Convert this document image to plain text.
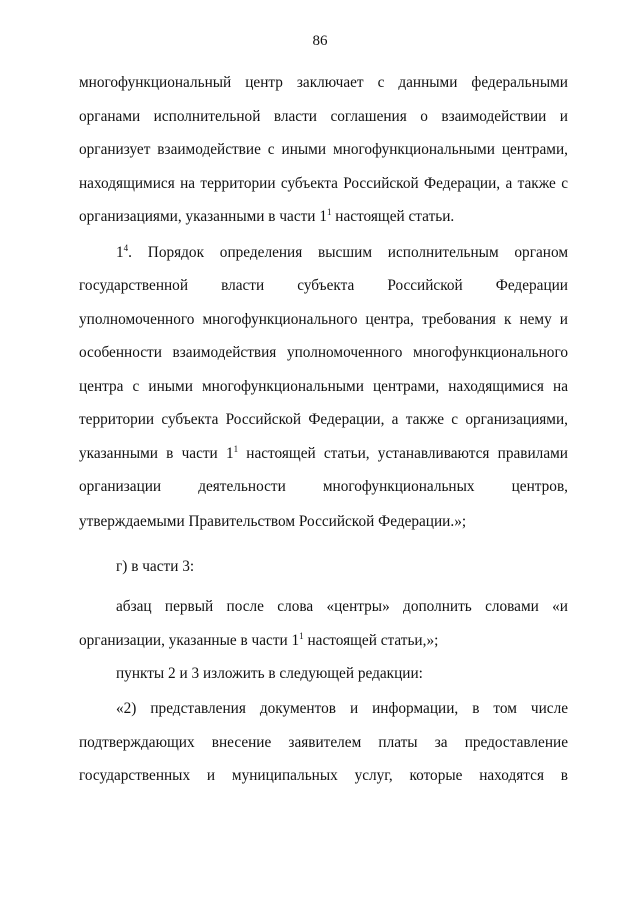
86

многофункциональный центр заключает с данными федеральными

органами исполнительной власти соглашения о взаимодействии и

организует взаимодействие с иными многофункциональными центрами,

находящимися на территории субъекта Российской Федерации, а также с

организациями, указанными в части $1^1$ настоящей статьи.

$1^4$. Порядок определения высшим исполнительным органом

государственной власти субъекта Российской Федерации

уполномоченного многофункционального центра, требования к нему и

особенности взаимодействия уполномоченного многофункционального

центра с иными многофункциональными центрами, находящимися на

территории субъекта Российской Федерации, а также с организациями,

указанными в части $1^1$ настоящей статьи, устанавливаются правилами

организации деятельности многофункциональных центров,

утверждаемыми Правительством Российской Федерации.»;

г) в части 3:

абзац первый после слова «центры» дополнить словами «и

организации, указанные в части $1^1$ настоящей статьи,»;

пункты 2 и 3 изложить в следующей редакции:

«2) представления документов и информации, в том числе

подтверждающих внесение заявителем платы за предоставление

государственных и муниципальных услуг, которые находятся в
